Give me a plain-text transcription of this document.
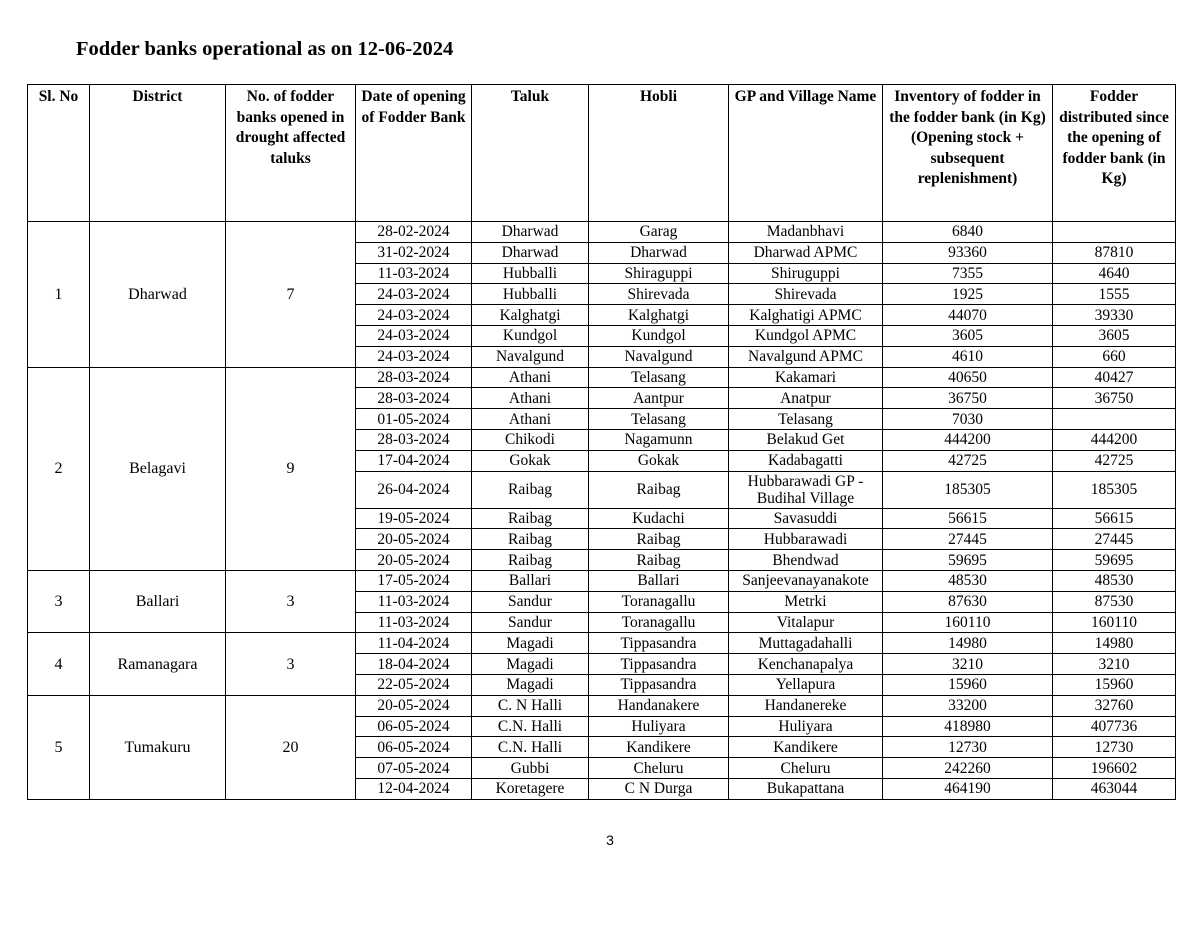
Fodder banks operational as on 12-06-2024
Sl. No	District	No. of fodder banks opened in drought affected taluks	Date of opening of Fodder Bank	Taluk	Hobli	GP and Village Name	Inventory of fodder in the fodder bank (in Kg) (Opening stock + subsequent replenishment)	Fodder distributed since the opening of fodder bank (in Kg)
1	Dharwad	7	28-02-2024	Dharwad	Garag	Madanbhavi	6840	
			31-02-2024	Dharwad	Dharwad	Dharwad APMC	93360	87810
			11-03-2024	Hubballi	Shiraguppi	Shiruguppi	7355	4640
			24-03-2024	Hubballi	Shirevada	Shirevada	1925	1555
			24-03-2024	Kalghatgi	Kalghatgi	Kalghatigi APMC	44070	39330
			24-03-2024	Kundgol	Kundgol	Kundgol APMC	3605	3605
			24-03-2024	Navalgund	Navalgund	Navalgund APMC	4610	660
2	Belagavi	9	28-03-2024	Athani	Telasang	Kakamari	40650	40427
			28-03-2024	Athani	Aantpur	Anatpur	36750	36750
			01-05-2024	Athani	Telasang	Telasang	7030	
			28-03-2024	Chikodi	Nagamunn	Belakud Get	444200	444200
			17-04-2024	Gokak	Gokak	Kadabagatti	42725	42725
			26-04-2024	Raibag	Raibag	Hubbarawadi GP - Budihal Village	185305	185305
			19-05-2024	Raibag	Kudachi	Savasuddi	56615	56615
			20-05-2024	Raibag	Raibag	Hubbarawadi	27445	27445
			20-05-2024	Raibag	Raibag	Bhendwad	59695	59695
3	Ballari	3	17-05-2024	Ballari	Ballari	Sanjeevanayanakote	48530	48530
			11-03-2024	Sandur	Toranagallu	Metrki	87630	87530
			11-03-2024	Sandur	Toranagallu	Vitalapur	160110	160110
4	Ramanagara	3	11-04-2024	Magadi	Tippasandra	Muttagadahalli	14980	14980
			18-04-2024	Magadi	Tippasandra	Kenchanapalya	3210	3210
			22-05-2024	Magadi	Tippasandra	Yellapura	15960	15960
5	Tumakuru	20	20-05-2024	C. N Halli	Handanakere	Handanereke	33200	32760
			06-05-2024	C.N. Halli	Huliyara	Huliyara	418980	407736
			06-05-2024	C.N. Halli	Kandikere	Kandikere	12730	12730
			07-05-2024	Gubbi	Cheluru	Cheluru	242260	196602
			12-04-2024	Koretagere	C N Durga	Bukapattana	464190	463044
3
